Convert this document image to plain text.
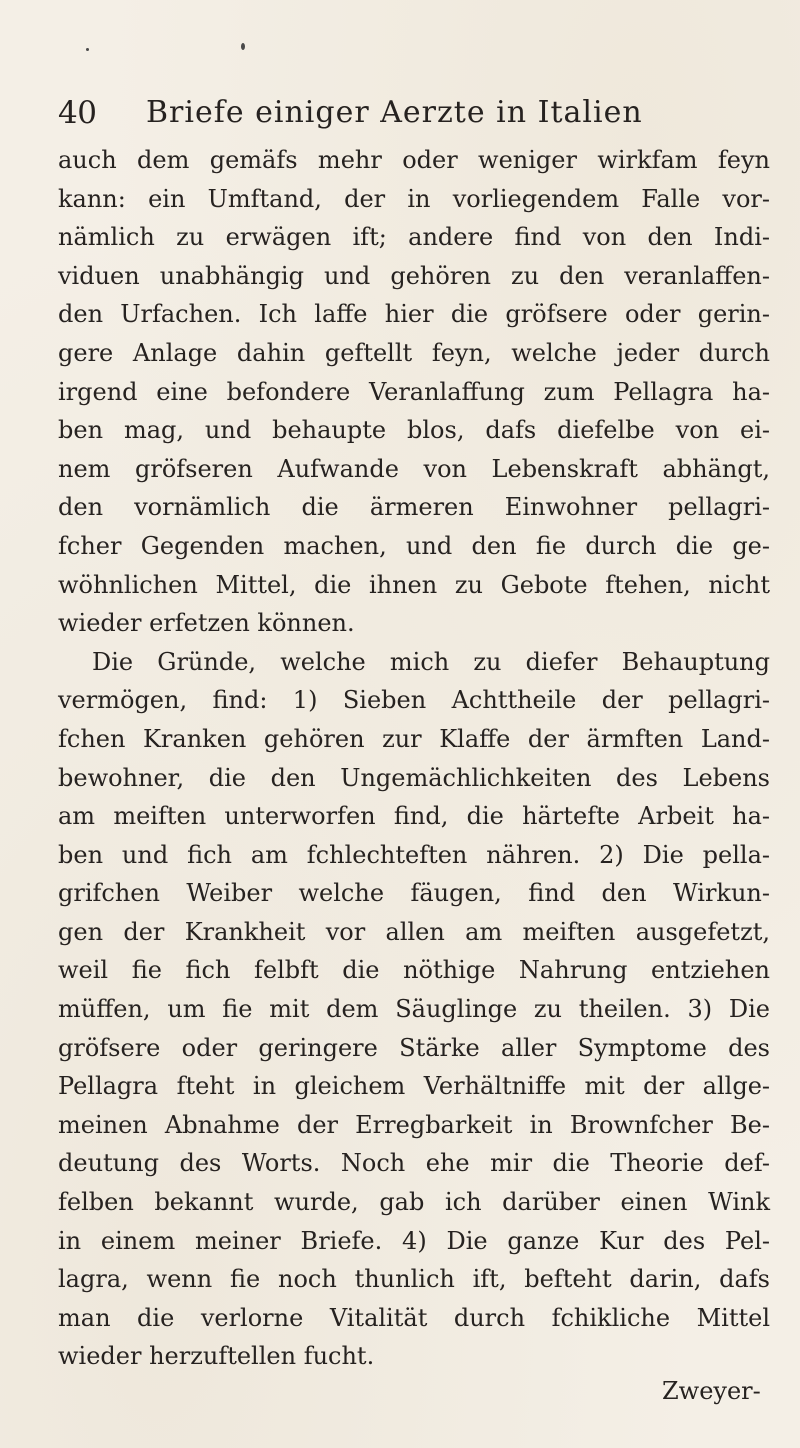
40 Briefe einiger Aerzte in Italien
auch dem gemäfs mehr oder weniger wirkfam feyn
kann: ein Umftand, der in vorliegendem Falle vor-
nämlich zu erwägen ift; andere find von den Indi-
viduen unabhängig und gehören zu den veranlaffen-
den Urfachen. Ich laffe hier die gröfsere oder gerin-
gere Anlage dahin geftellt feyn, welche jeder durch
irgend eine befondere Veranlaffung zum Pellagra ha-
ben mag, und behaupte blos, dafs diefelbe von ei-
nem gröfseren Aufwande von Lebenskraft abhängt,
den vornämlich die ärmeren Einwohner pellagri-
fcher Gegenden machen, und den fie durch die ge-
wöhnlichen Mittel, die ihnen zu Gebote ftehen, nicht
wieder erfetzen können.
Die Gründe, welche mich zu diefer Behauptung
vermögen, find: 1) Sieben Achttheile der pellagri-
fchen Kranken gehören zur Klaffe der ärmften Land-
bewohner, die den Ungemächlichkeiten des Lebens
am meiften unterworfen find, die härtefte Arbeit ha-
ben und fich am fchlechteften nähren. 2) Die pella-
grifchen Weiber welche fäugen, find den Wirkun-
gen der Krankheit vor allen am meiften ausgefetzt,
weil fie fich felbft die nöthige Nahrung entziehen
müffen, um fie mit dem Säuglinge zu theilen. 3) Die
gröfsere oder geringere Stärke aller Symptome des
Pellagra fteht in gleichem Verhältniffe mit der allge-
meinen Abnahme der Erregbarkeit in Brownfcher Be-
deutung des Worts. Noch ehe mir die Theorie def-
felben bekannt wurde, gab ich darüber einen Wink
in einem meiner Briefe. 4) Die ganze Kur des Pel-
lagra, wenn fie noch thunlich ift, befteht darin, dafs
man die verlorne Vitalität durch fchikliche Mittel
wieder herzuftellen fucht.
Zweyer-
